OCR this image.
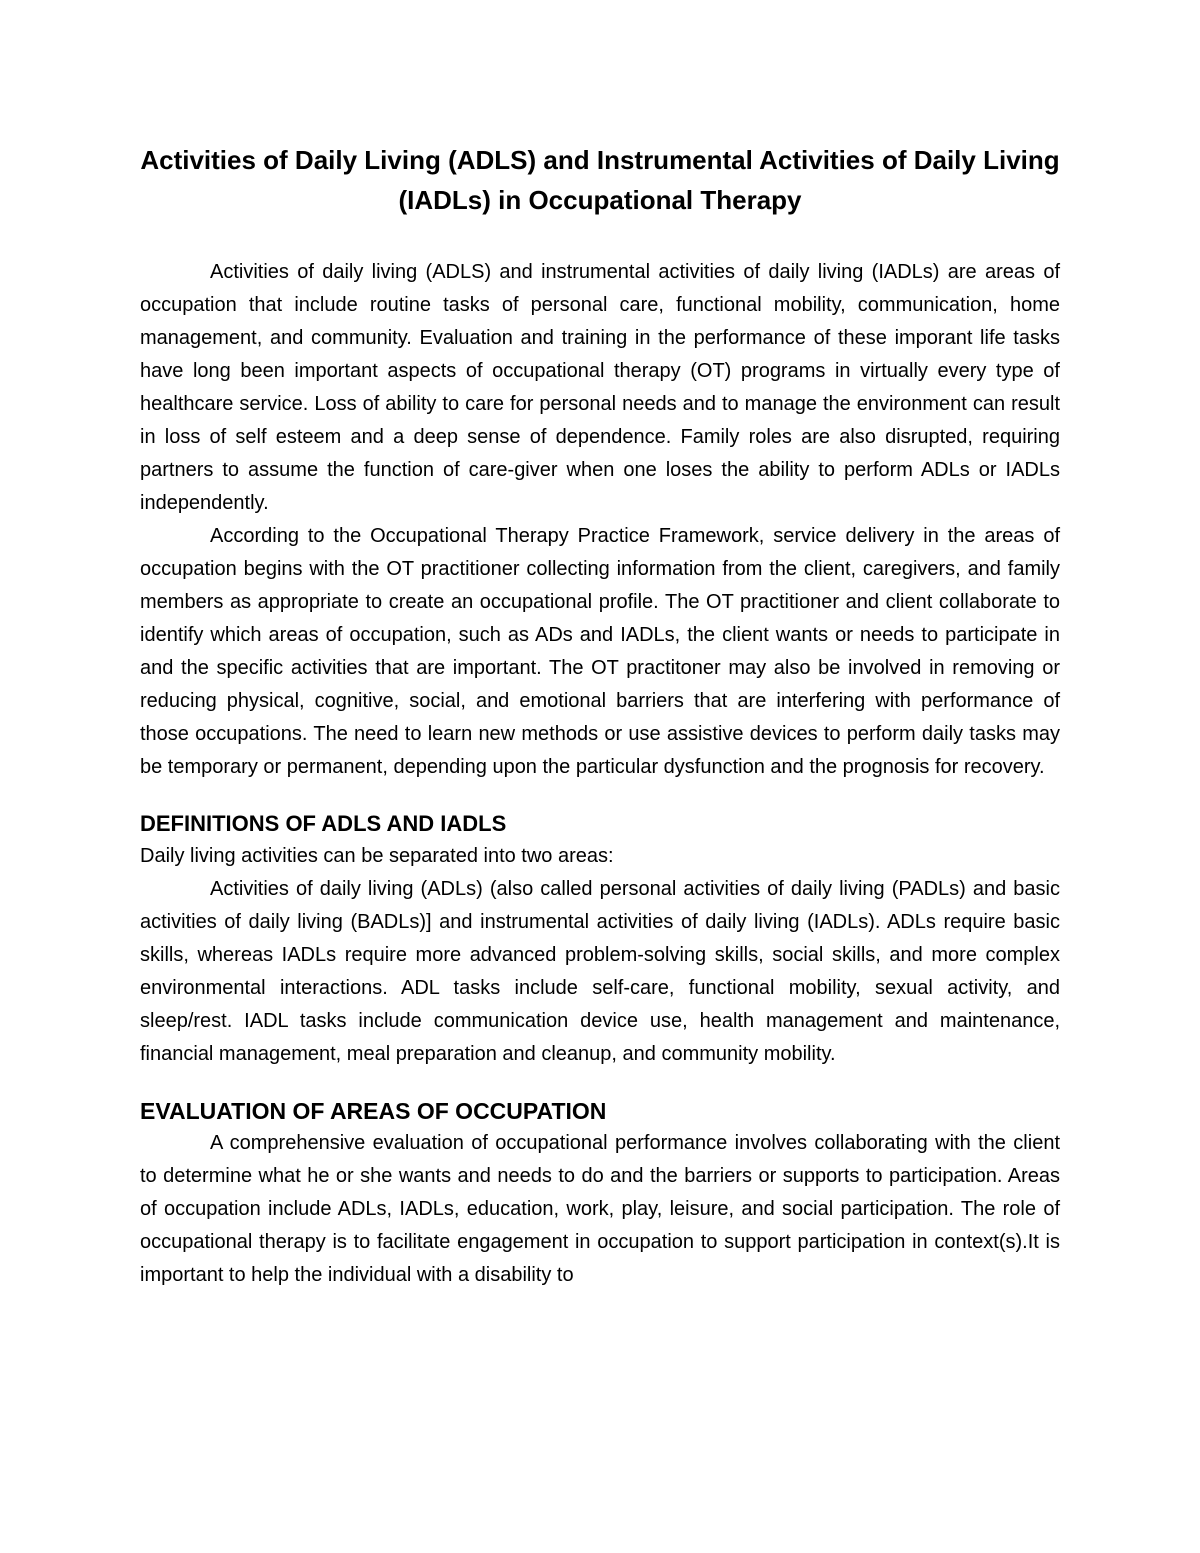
Activities of Daily Living (ADLS) and Instrumental Activities of Daily Living (IADLs) in Occupational Therapy

Activities of daily living (ADLS) and instrumental activities of daily living (IADLs) are areas of occupation that include routine tasks of personal care, functional mobility, communication, home management, and community. Evaluation and training in the performance of these imporant life tasks have long been important aspects of occupational therapy (OT) programs in virtually every type of healthcare service. Loss of ability to care for personal needs and to manage the environment can result in loss of self esteem and a deep sense of dependence. Family roles are also disrupted, requiring partners to assume the function of care-giver when one loses the ability to perform ADLs or IADLs independently.

According to the Occupational Therapy Practice Framework, service delivery in the areas of occupation begins with the OT practitioner collecting information from the client, caregivers, and family members as appropriate to create an occupational profile. The OT practitioner and client collaborate to identify which areas of occupation, such as ADs and IADLs, the client wants or needs to participate in and the specific activities that are important. The OT practitoner may also be involved in removing or reducing physical, cognitive, social, and emotional barriers that are interfering with performance of those occupations. The need to learn new methods or use assistive devices to perform daily tasks may be temporary or permanent, depending upon the particular dysfunction and the prognosis for recovery.

DEFINITIONS OF ADLS AND IADLS

Daily living activities can be separated into two areas:

Activities of daily living (ADLs) (also called personal activities of daily living (PADLs) and basic activities of daily living (BADLs)] and instrumental activities of daily living (IADLs). ADLs require basic skills, whereas IADLs require more advanced problem-solving skills, social skills, and more complex environmental interactions. ADL tasks include self-care, functional mobility, sexual activity, and sleep/rest. IADL tasks include communication device use, health management and maintenance, financial management, meal preparation and cleanup, and community mobility.

EVALUATION OF AREAS OF OCCUPATION

A comprehensive evaluation of occupational performance involves collaborating with the client to determine what he or she wants and needs to do and the barriers or supports to participation. Areas of occupation include ADLs, IADLs, education, work, play, leisure, and social participation. The role of occupational therapy is to facilitate engagement in occupation to support participation in context(s).It is important to help the individual with a disability to
